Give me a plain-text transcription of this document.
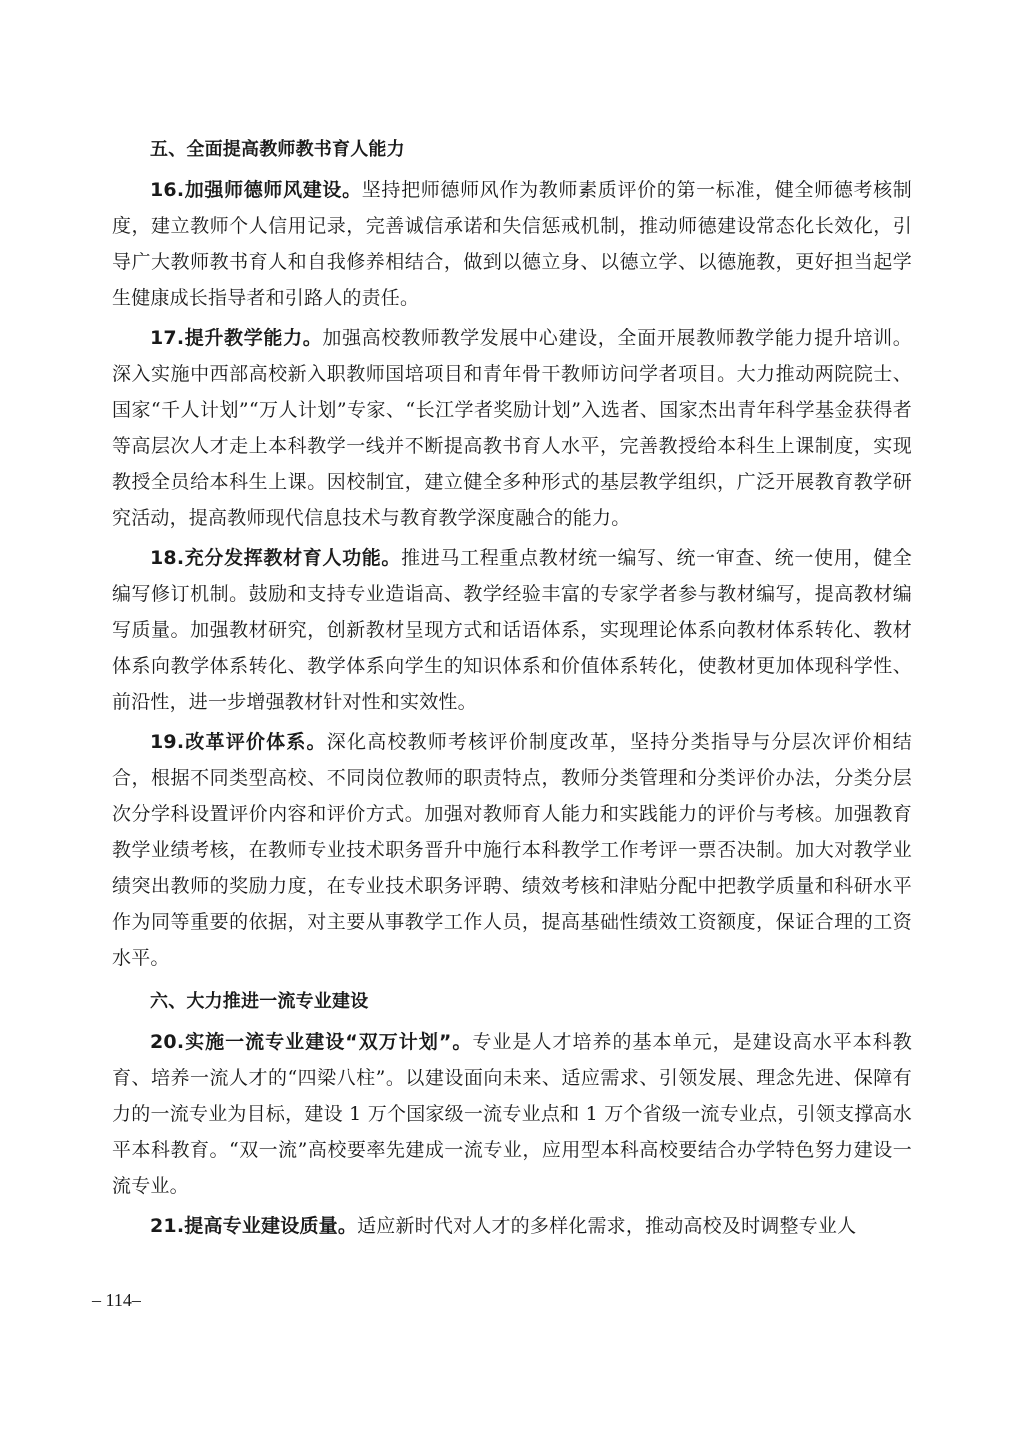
五、全面提高教师教书育人能力

16.加强师德师风建设。坚持把师德师风作为教师素质评价的第一标准，健全师德考核制度，建立教师个人信用记录，完善诚信承诺和失信惩戒机制，推动师德建设常态化长效化，引导广大教师教书育人和自我修养相结合，做到以德立身、以德立学、以德施教，更好担当起学生健康成长指导者和引路人的责任。

17.提升教学能力。加强高校教师教学发展中心建设，全面开展教师教学能力提升培训。深入实施中西部高校新入职教师国培项目和青年骨干教师访问学者项目。大力推动两院院士、国家“千人计划”“万人计划”专家、“长江学者奖励计划”入选者、国家杰出青年科学基金获得者等高层次人才走上本科教学一线并不断提高教书育人水平，完善教授给本科生上课制度，实现教授全员给本科生上课。因校制宜，建立健全多种形式的基层教学组织，广泛开展教育教学研究活动，提高教师现代信息技术与教育教学深度融合的能力。

18.充分发挥教材育人功能。推进马工程重点教材统一编写、统一审查、统一使用，健全编写修订机制。鼓励和支持专业造诣高、教学经验丰富的专家学者参与教材编写，提高教材编写质量。加强教材研究，创新教材呈现方式和话语体系，实现理论体系向教材体系转化、教材体系向教学体系转化、教学体系向学生的知识体系和价值体系转化，使教材更加体现科学性、前沿性，进一步增强教材针对性和实效性。

19.改革评价体系。深化高校教师考核评价制度改革，坚持分类指导与分层次评价相结合，根据不同类型高校、不同岗位教师的职责特点，教师分类管理和分类评价办法，分类分层次分学科设置评价内容和评价方式。加强对教师育人能力和实践能力的评价与考核。加强教育教学业绩考核，在教师专业技术职务晋升中施行本科教学工作考评一票否决制。加大对教学业绩突出教师的奖励力度，在专业技术职务评聘、绩效考核和津贴分配中把教学质量和科研水平作为同等重要的依据，对主要从事教学工作人员，提高基础性绩效工资额度，保证合理的工资水平。

六、大力推进一流专业建设

20.实施一流专业建设“双万计划”。专业是人才培养的基本单元，是建设高水平本科教育、培养一流人才的“四梁八柱”。以建设面向未来、适应需求、引领发展、理念先进、保障有力的一流专业为目标，建设 1 万个国家级一流专业点和 1 万个省级一流专业点，引领支撑高水平本科教育。“双一流”高校要率先建成一流专业，应用型本科高校要结合办学特色努力建设一流专业。

21.提高专业建设质量。适应新时代对人才的多样化需求，推动高校及时调整专业人

– 114–
